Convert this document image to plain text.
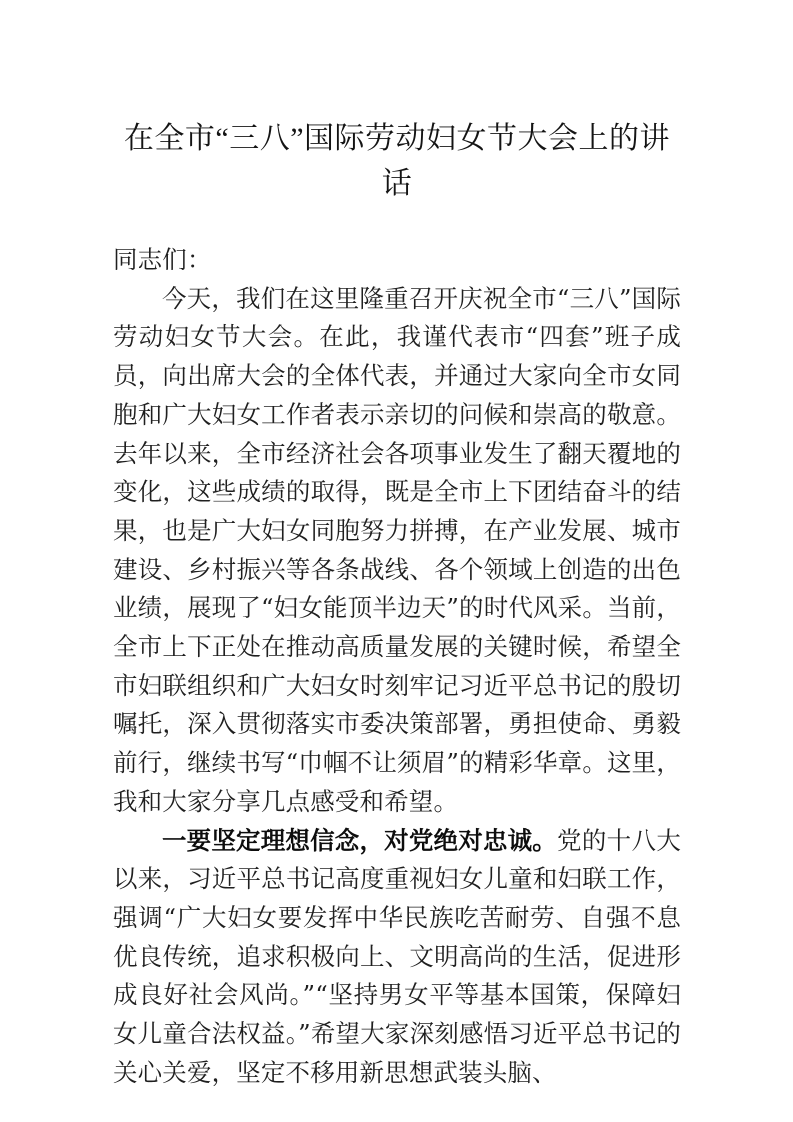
在全市“三八”国际劳动妇女节大会上的讲话

同志们：

今天，我们在这里隆重召开庆祝全市“三八”国际劳动妇女节大会。在此，我谨代表市“四套”班子成员，向出席大会的全体代表，并通过大家向全市女同胞和广大妇女工作者表示亲切的问候和崇高的敬意。去年以来，全市经济社会各项事业发生了翻天覆地的变化，这些成绩的取得，既是全市上下团结奋斗的结果，也是广大妇女同胞努力拼搏，在产业发展、城市建设、乡村振兴等各条战线、各个领域上创造的出色业绩，展现了“妇女能顶半边天”的时代风采。当前，全市上下正处在推动高质量发展的关键时候，希望全市妇联组织和广大妇女时刻牢记习近平总书记的殷切嘱托，深入贯彻落实市委决策部署，勇担使命、勇毅前行，继续书写“巾帼不让须眉”的精彩华章。这里，我和大家分享几点感受和希望。

一要坚定理想信念，对党绝对忠诚。党的十八大以来，习近平总书记高度重视妇女儿童和妇联工作，强调“广大妇女要发挥中华民族吃苦耐劳、自强不息优良传统，追求积极向上、文明高尚的生活，促进形成良好社会风尚。”“坚持男女平等基本国策，保障妇女儿童合法权益。”希望大家深刻感悟习近平总书记的关心关爱，坚定不移用新思想武装头脑、
